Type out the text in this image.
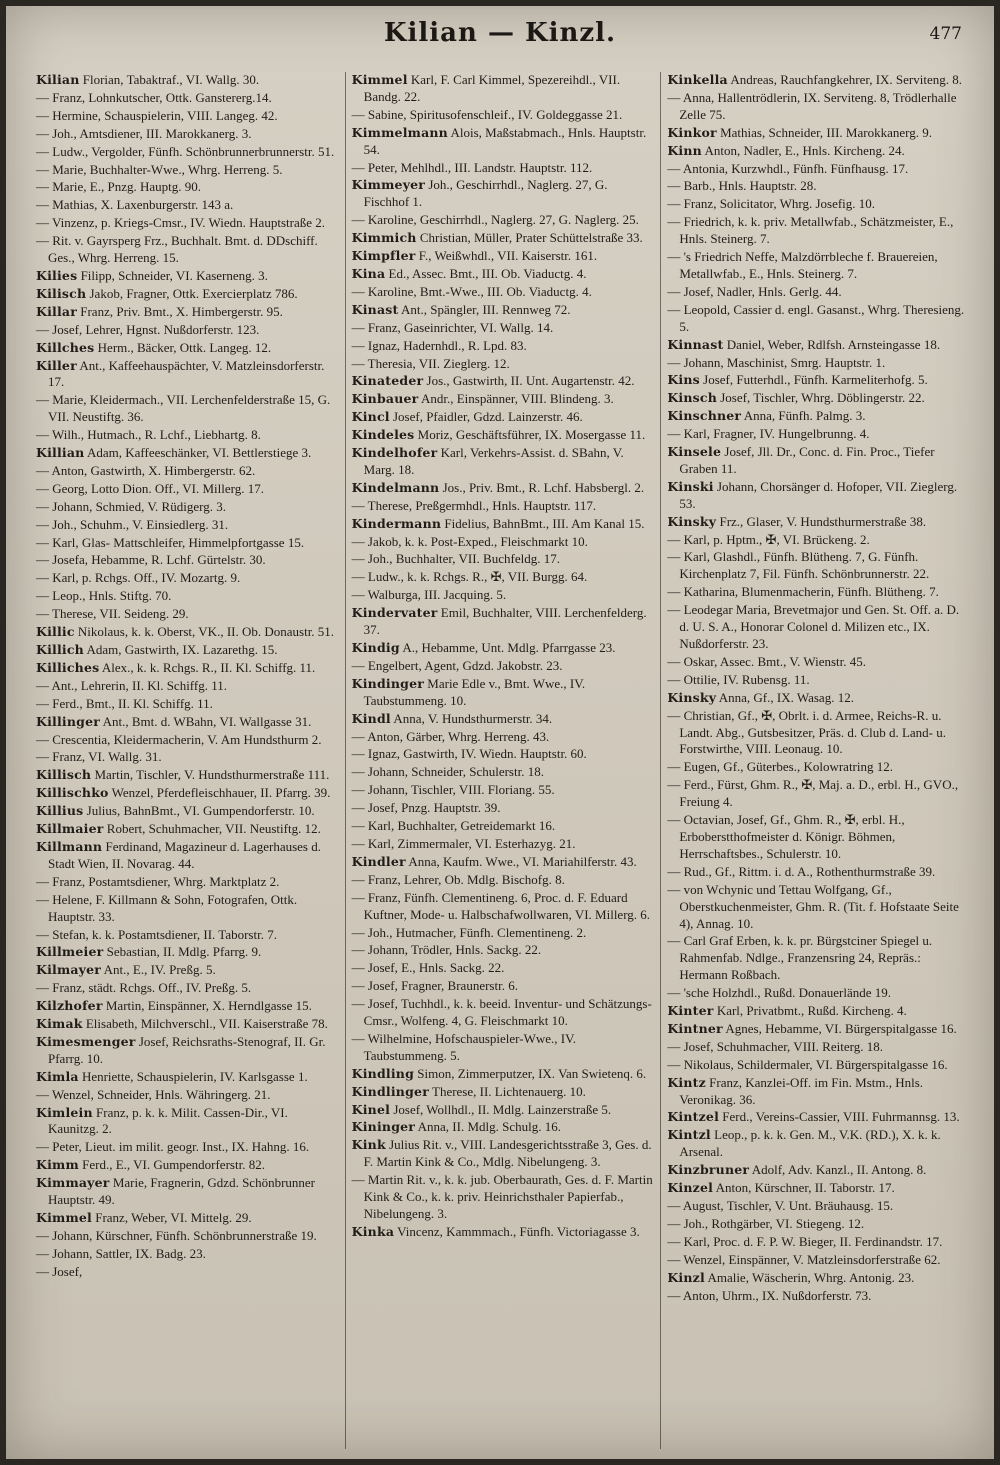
Kilian — Kinzl.	477
Kilian Florian, Tabaktraf., VI. Wallg. 30.
— Franz, Lohnkutscher, Ottk. Ganstererg.14.
— Hermine, Schauspielerin, VIII. Langeg. 42.
— Joh., Amtsdiener, III. Marokkanerg. 3.
— Ludw., Vergolder, Fünfh. Schönbrunnerbrunnerstr. 51.
— Marie, Buchhalter-Wwe., Whrg. Herreng. 5.
— Marie, E., Pnzg. Hauptg. 90.
— Mathias, X. Laxenburgerstr. 143 a.
— Vinzenz, p. Kriegs-Cmsr., IV. Wiedn. Hauptstraße 2.
— Rit. v. Gayrsperg Frz., Buchhalt. Bmt. d. DDschiff. Ges., Whrg. Herreng. 15.
Kilies Filipp, Schneider, VI. Kaserneng. 3.
Kilisch Jakob, Fragner, Ottk. Exercierplatz 786.
Killar Franz, Priv. Bmt., X. Himbergerstr. 95.
— Josef, Lehrer, Hgnst. Nußdorferstr. 123.
Killches Herm., Bäcker, Ottk. Langeg. 12.
Killer Ant., Kaffeehauspächter, V. Matzleinsdorferstr. 17.
— Marie, Kleidermach., VII. Lerchenfelderstraße 15, G. VII. Neustiftg. 36.
— Wilh., Hutmach., R. Lchf., Liebhartg. 8.
Killian Adam, Kaffeeschänker, VI. Bettlerstiege 3.
— Anton, Gastwirth, X. Himbergerstr. 62.
— Georg, Lotto Dion. Off., VI. Millerg. 17.
— Johann, Schmied, V. Rüdigerg. 3.
— Joh., Schuhm., V. Einsiedlerg. 31.
— Karl, Glas- Mattschleifer, Himmelpfortgasse 15.
— Josefa, Hebamme, R. Lchf. Gürtelstr. 30.
— Karl, p. Rchgs. Off., IV. Mozartg. 9.
— Leop., Hnls. Stiftg. 70.
— Therese, VII. Seideng. 29.
Killic Nikolaus, k. k. Oberst, VK., II. Ob. Donaustr. 51.
Killich Adam, Gastwirth, IX. Lazarethg. 15.
Killiches Alex., k. k. Rchgs. R., II. Kl. Schiffg. 11.
— Ant., Lehrerin, II. Kl. Schiffg. 11.
— Ferd., Bmt., II. Kl. Schiffg. 11.
Killinger Ant., Bmt. d. WBahn, VI. Wallgasse 31.
— Crescentia, Kleidermacherin, V. Am Hundsthurm 2.
— Franz, VI. Wallg. 31.
Killisch Martin, Tischler, V. Hundsthurmerstraße 111.
Killischko Wenzel, Pferdefleischhauer, II. Pfarrg. 39.
Killius Julius, BahnBmt., VI. Gumpendorferstr. 10.
Killmaier Robert, Schuhmacher, VII. Neustiftg. 12.
Killmann Ferdinand, Magazineur d. Lagerhauses d. Stadt Wien, II. Novarag. 44.
— Franz, Postamtsdiener, Whrg. Marktplatz 2.
— Helene, F. Killmann & Sohn, Fotografen, Ottk. Hauptstr. 33.
— Stefan, k. k. Postamtsdiener, II. Taborstr. 7.
Killmeier Sebastian, II. Mdlg. Pfarrg. 9.
Kilmayer Ant., E., IV. Preßg. 5.
— Franz, städt. Rchgs. Off., IV. Preßg. 5.
Kilzhofer Martin, Einspänner, X. Herndlgasse 15.
Kimak Elisabeth, Milchverschl., VII. Kaiserstraße 78.
Kimesmenger Josef, Reichsraths-Stenograf, II. Gr. Pfarrg. 10.
Kimla Henriette, Schauspielerin, IV. Karlsgasse 1.
— Wenzel, Schneider, Hnls. Währingerg. 21.
Kimlein Franz, p. k. k. Milit. Cassen-Dir., VI. Kaunitzg. 2.
— Peter, Lieut. im milit. geogr. Inst., IX. Hahng. 16.
Kimm Ferd., E., VI. Gumpendorferstr. 82.
Kimmayer Marie, Fragnerin, Gdzd. Schönbrunner Hauptstr. 49.
Kimmel Franz, Weber, VI. Mittelg. 29.
— Johann, Kürschner, Fünfh. Schönbrunnerstraße 19.
— Johann, Sattler, IX. Badg. 23.
— Josef,
Kimmel Karl, F. Carl Kimmel, Spezereihdl., VII. Bandg. 22.
— Sabine, Spiritusofenschleif., IV. Goldeggasse 21.
Kimmelmann Alois, Maßstabmach., Hnls. Hauptstr. 54.
— Peter, Mehlhdl., III. Landstr. Hauptstr. 112.
Kimmeyer Joh., Geschirrhdl., Naglerg. 27, G. Fischhof 1.
— Karoline, Geschirrhdl., Naglerg. 27, G. Naglerg. 25.
Kimmich Christian, Müller, Prater Schüttelstraße 33.
Kimpfler F., Weißwhdl., VII. Kaiserstr. 161.
Kina Ed., Assec. Bmt., III. Ob. Viaductg. 4.
— Karoline, Bmt.-Wwe., III. Ob. Viaductg. 4.
Kinast Ant., Spängler, III. Rennweg 72.
— Franz, Gaseinrichter, VI. Wallg. 14.
— Ignaz, Hadernhdl., R. Lpd. 83.
— Theresia, VII. Zieglerg. 12.
Kinateder Jos., Gastwirth, II. Unt. Augartenstr. 42.
Kinbauer Andr., Einspänner, VIII. Blindeng. 3.
Kincl Josef, Pfaidler, Gdzd. Lainzerstr. 46.
Kindeles Moriz, Geschäftsführer, IX. Mosergasse 11.
Kindelhofer Karl, Verkehrs-Assist. d. SBahn, V. Marg. 18.
Kindelmann Jos., Priv. Bmt., R. Lchf. Habsbergl. 2.
— Therese, Preßgermhdl., Hnls. Hauptstr. 117.
Kindermann Fidelius, BahnBmt., III. Am Kanal 15.
— Jakob, k. k. Post-Exped., Fleischmarkt 10.
— Joh., Buchhalter, VII. Buchfeldg. 17.
— Ludw., k. k. Rchgs. R., ✠, VII. Burgg. 64.
— Walburga, III. Jacquing. 5.
Kindervater Emil, Buchhalter, VIII. Lerchenfelderg. 37.
Kindig A., Hebamme, Unt. Mdlg. Pfarrgasse 23.
— Engelbert, Agent, Gdzd. Jakobstr. 23.
Kindinger Marie Edle v., Bmt. Wwe., IV. Taubstummeng. 10.
Kindl Anna, V. Hundsthurmerstr. 34.
— Anton, Gärber, Whrg. Herreng. 43.
— Ignaz, Gastwirth, IV. Wiedn. Hauptstr. 60.
— Johann, Schneider, Schulerstr. 18.
— Johann, Tischler, VIII. Floriang. 55.
— Josef, Pnzg. Hauptstr. 39.
— Karl, Buchhalter, Getreidemarkt 16.
— Karl, Zimmermaler, VI. Esterhazyg. 21.
Kindler Anna, Kaufm. Wwe., VI. Mariahilferstr. 43.
— Franz, Lehrer, Ob. Mdlg. Bischofg. 8.
— Franz, Fünfh. Clementineng. 6, Proc. d. F. Eduard Kuftner, Mode- u. Halbschafwollwaren, VI. Millerg. 6.
— Joh., Hutmacher, Fünfh. Clementineng. 2.
— Johann, Trödler, Hnls. Sackg. 22.
— Josef, E., Hnls. Sackg. 22.
— Josef, Fragner, Braunerstr. 6.
— Josef, Tuchhdl., k. k. beeid. Inventur- und Schätzungs-Cmsr., Wolfeng. 4, G. Fleischmarkt 10.
— Wilhelmine, Hofschauspieler-Wwe., IV. Taubstummeng. 5.
Kindling Simon, Zimmerputzer, IX. Van Swietenq. 6.
Kindlinger Therese, II. Lichtenauerg. 10.
Kinel Josef, Wollhdl., II. Mdlg. Lainzerstraße 5.
Kininger Anna, II. Mdlg. Schulg. 16.
Kink Julius Rit. v., VIII. Landesgerichtsstraße 3, Ges. d. F. Martin Kink & Co., Mdlg. Nibelungeng. 3.
— Martin Rit. v., k. k. jub. Oberbaurath, Ges. d. F. Martin Kink & Co., k. k. priv. Heinrichsthaler Papierfab., Nibelungeng. 3.
Kinka Vincenz, Kammmach., Fünfh. Victoriagasse 3.
Kinkella Andreas, Rauchfangkehrer, IX. Serviteng. 8.
— Anna, Hallentrödlerin, IX. Serviteng. 8, Trödlerhalle Zelle 75.
Kinkor Mathias, Schneider, III. Marokkanerg. 9.
Kinn Anton, Nadler, E., Hnls. Kircheng. 24.
— Antonia, Kurzwhdl., Fünfh. Fünfhausg. 17.
— Barb., Hnls. Hauptstr. 28.
— Franz, Solicitator, Whrg. Josefig. 10.
— Friedrich, k. k. priv. Metallwfab., Schätzmeister, E., Hnls. Steinerg. 7.
— 's Friedrich Neffe, Malzdörrbleche f. Brauereien, Metallwfab., E., Hnls. Steinerg. 7.
— Josef, Nadler, Hnls. Gerlg. 44.
— Leopold, Cassier d. engl. Gasanst., Whrg. Theresieng. 5.
Kinnast Daniel, Weber, Rdlfsh. Arnsteingasse 18.
— Johann, Maschinist, Smrg. Hauptstr. 1.
Kins Josef, Futterhdl., Fünfh. Karmeliterhofg. 5.
Kinsch Josef, Tischler, Whrg. Döblingerstr. 22.
Kinschner Anna, Fünfh. Palmg. 3.
— Karl, Fragner, IV. Hungelbrunng. 4.
Kinsele Josef, Jll. Dr., Conc. d. Fin. Proc., Tiefer Graben 11.
Kinski Johann, Chorsänger d. Hofoper, VII. Zieglerg. 53.
Kinsky Frz., Glaser, V. Hundsthurmerstraße 38.
— Karl, p. Hptm., ✠, VI. Brückeng. 2.
— Karl, Glashdl., Fünfh. Blütheng. 7, G. Fünfh. Kirchenplatz 7, Fil. Fünfh. Schönbrunnerstr. 22.
— Katharina, Blumenmacherin, Fünfh. Blütheng. 7.
— Leodegar Maria, Brevetmajor und Gen. St. Off. a. D. d. U. S. A., Honorar Colonel d. Milizen etc., IX. Nußdorferstr. 23.
— Oskar, Assec. Bmt., V. Wienstr. 45.
— Ottilie, IV. Rubensg. 11.
Kinsky Anna, Gf., IX. Wasag. 12.
— Christian, Gf., ✠, Obrlt. i. d. Armee, Reichs-R. u. Landt. Abg., Gutsbesitzer, Präs. d. Club d. Land- u. Forstwirthe, VIII. Leonaug. 10.
— Eugen, Gf., Güterbes., Kolowratring 12.
— Ferd., Fürst, Ghm. R., ✠, Maj. a. D., erbl. H., GVO., Freiung 4.
— Octavian, Josef, Gf., Ghm. R., ✠, erbl. H., Erboberstthofmeister d. Königr. Böhmen, Herrschaftsbes., Schulerstr. 10.
— Rud., Gf., Rittm. i. d. A., Rothenthurmstraße 39.
— von Wchynic und Tettau Wolfgang, Gf., Oberstkuchenmeister, Ghm. R. (Tit. f. Hofstaate Seite 4), Annag. 10.
— Carl Graf Erben, k. k. pr. Bürgstciner Spiegel u. Rahmenfab. Ndlge., Franzensring 24, Repräs.: Hermann Roßbach.
— 'sche Holzhdl., Rußd. Donauerlände 19.
Kinter Karl, Privatbmt., Rußd. Kircheng. 4.
Kintner Agnes, Hebamme, VI. Bürgerspitalgasse 16.
— Josef, Schuhmacher, VIII. Reiterg. 18.
— Nikolaus, Schildermaler, VI. Bürgerspitalgasse 16.
Kintz Franz, Kanzlei-Off. im Fin. Mstm., Hnls. Veronikag. 36.
Kintzel Ferd., Vereins-Cassier, VIII. Fuhrmannsg. 13.
Kintzl Leop., p. k. k. Gen. M., V.K. (RD.), X. k. k. Arsenal.
Kinzbruner Adolf, Adv. Kanzl., II. Antong. 8.
Kinzel Anton, Kürschner, II. Taborstr. 17.
— August, Tischler, V. Unt. Bräuhausg. 15.
— Joh., Rothgärber, VI. Stiegeng. 12.
— Karl, Proc. d. F. P. W. Bieger, II. Ferdinandstr. 17.
— Wenzel, Einspänner, V. Matzleinsdorferstraße 62.
Kinzl Amalie, Wäscherin, Whrg. Antonig. 23.
— Anton, Uhrm., IX. Nußdorferstr. 73.
